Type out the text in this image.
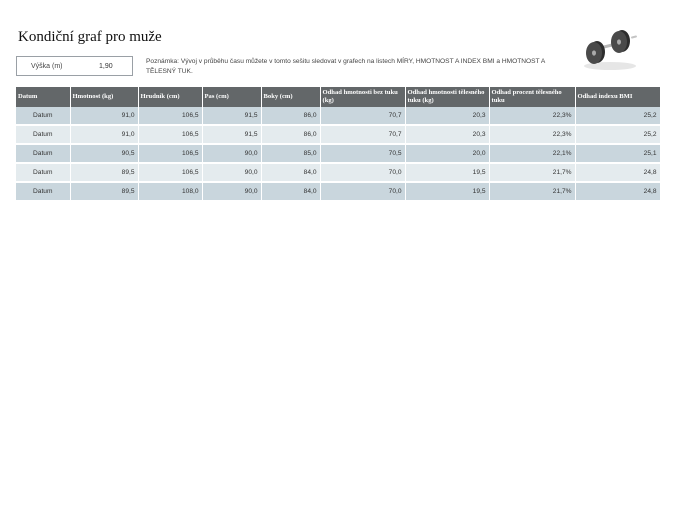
Kondiční graf pro muže
Výška (m)	1,90
Poznámka: Vývoj v průběhu času můžete v tomto sešitu sledovat v grafech na listech MÍRY, HMOTNOST A INDEX BMI a HMOTNOST A TĚLESNÝ TUK.
Datum	Hmotnost (kg)	Hrudník (cm)	Pas (cm)	Boky (cm)	Odhad hmotnosti bez tuku (kg)	Odhad hmotnosti tělesného tuku (kg)	Odhad procent tělesného tuku	Odhad indexu BMI
Datum	91,0	106,5	91,5	86,0	70,7	20,3	22,3%	25,2
Datum	91,0	106,5	91,5	86,0	70,7	20,3	22,3%	25,2
Datum	90,5	106,5	90,0	85,0	70,5	20,0	22,1%	25,1
Datum	89,5	106,5	90,0	84,0	70,0	19,5	21,7%	24,8
Datum	89,5	108,0	90,0	84,0	70,0	19,5	21,7%	24,8
